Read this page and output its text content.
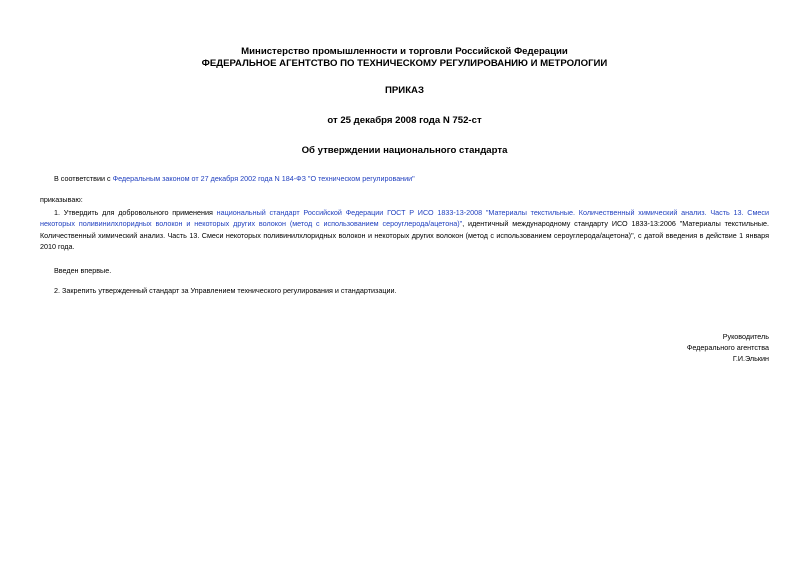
Министерство промышленности и торговли Российской Федерации
ФЕДЕРАЛЬНОЕ АГЕНТСТВО ПО ТЕХНИЧЕСКОМУ РЕГУЛИРОВАНИЮ И МЕТРОЛОГИИ
ПРИКАЗ
от 25 декабря 2008 года N 752-ст
Об утверждении национального стандарта
В соответствии с Федеральным законом от 27 декабря 2002 года N 184-ФЗ "О техническом регулировании"
приказываю:
1. Утвердить для добровольного применения национальный стандарт Российской Федерации ГОСТ Р ИСО 1833-13-2008 "Материалы текстильные. Количественный химический анализ. Часть 13. Смеси некоторых поливинилхлоридных волокон и некоторых других волокон (метод с использованием сероуглерода/ацетона)", идентичный международному стандарту ИСО 1833-13:2006 "Материалы текстильные. Количественный химический анализ. Часть 13. Смеси некоторых поливинилхлоридных волокон и некоторых других волокон (метод с использованием сероуглерода/ацетона)", с датой введения в действие 1 января 2010 года.
Введен впервые.
2. Закрепить утвержденный стандарт за Управлением технического регулирования и стандартизации.
Руководитель
Федерального агентства
Г.И.Элькин
